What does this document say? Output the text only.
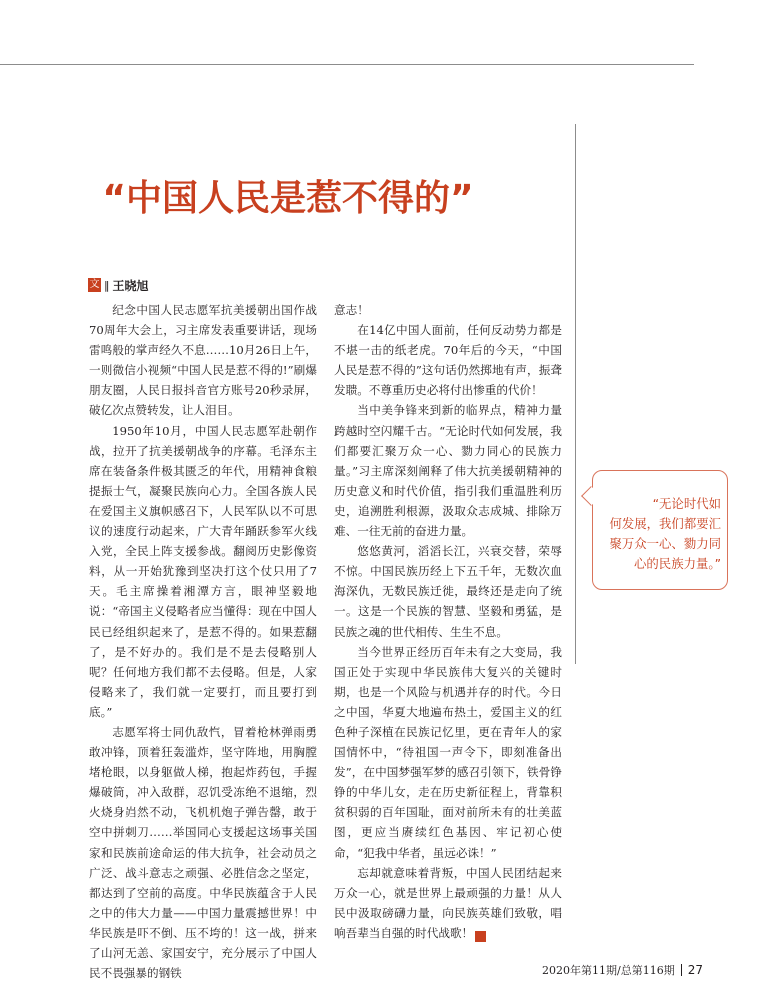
“中国人民是惹不得的”
文 ‖ 王晓旭

纪念中国人民志愿军抗美援朝出国作战70周年大会上，习主席发表重要讲话，现场雷鸣般的掌声经久不息……10月26日上午，一则微信小视频“中国人民是惹不得的!”刷爆朋友圈，人民日报抖音官方账号20秒录屏，破亿次点赞转发，让人泪目。

1950年10月，中国人民志愿军赴朝作战，拉开了抗美援朝战争的序幕。毛泽东主席在装备条件极其匮乏的年代，用精神食粮提振士气，凝聚民族向心力。全国各族人民在爱国主义旗帜感召下，人民军队以不可思议的速度行动起来，广大青年踊跃参军火线入党，全民上阵支援参战。翻阅历史影像资料，从一开始犹豫到坚决打这个仗只用了7天。毛主席操着湘潭方言，眼神坚毅地说：“帝国主义侵略者应当懂得：现在中国人民已经组织起来了，是惹不得的。如果惹翻了，是不好办的。我们是不是去侵略别人呢？任何地方我们都不去侵略。但是，人家侵略来了，我们就一定要打，而且要打到底。”

志愿军将士同仇敌忾，冒着枪林弹雨勇敢冲锋，顶着狂轰滥炸，坚守阵地，用胸膛堵枪眼，以身躯做人梯，抱起炸药包，手握爆破筒，冲入敌群，忍饥受冻绝不退缩，烈火烧身岿然不动，飞机机炮子弹告罄，敢于空中拼刺刀……举国同心支援起这场事关国家和民族前途命运的伟大抗争，社会动员之广泛、战斗意志之顽强、必胜信念之坚定，都达到了空前的高度。中华民族蕴含于人民之中的伟大力量——中国力量震撼世界！中华民族是吓不倒、压不垮的！这一战，拼来了山河无恙、家国安宁，充分展示了中国人民不畏强暴的钢铁

意志！

在14亿中国人面前，任何反动势力都是不堪一击的纸老虎。70年后的今天，“中国人民是惹不得的”这句话仍然掷地有声，振聋发聩。不尊重历史必将付出惨重的代价！

当中美争锋来到新的临界点，精神力量跨越时空闪耀千古。“无论时代如何发展，我们都要汇聚万众一心、勠力同心的民族力量。”习主席深刻阐释了伟大抗美援朝精神的历史意义和时代价值，指引我们重温胜利历史，追溯胜利根源，汲取众志成城、排除万难、一往无前的奋进力量。

悠悠黄河，滔滔长江，兴衰交替，荣辱不惊。中国民族历经上下五千年，无数次血海深仇，无数民族迁徙，最终还是走向了统一。这是一个民族的智慧、坚毅和勇猛，是民族之魂的世代相传、生生不息。

当今世界正经历百年未有之大变局，我国正处于实现中华民族伟大复兴的关键时期，也是一个风险与机遇并存的时代。今日之中国，华夏大地遍布热土，爱国主义的红色种子深植在民族记忆里，更在青年人的家国情怀中，“待祖国一声令下，即刻准备出发”，在中国梦强军梦的感召引领下，铁骨铮铮的中华儿女，走在历史新征程上，背靠积贫积弱的百年国耻，面对前所未有的壮美蓝图，更应当赓续红色基因、牢记初心使命，“犯我中华者，虽远必诛！”

忘却就意味着背叛，中国人民团结起来万众一心，就是世界上最顽强的力量！从人民中汲取磅礴力量，向民族英雄们致敬，唱响吾辈当自强的时代战歌！	G

“无论时代如
何发展，我们都要汇
聚万众一心、勠力同
心的民族力量。”
2020年第11期/总第116期 27
